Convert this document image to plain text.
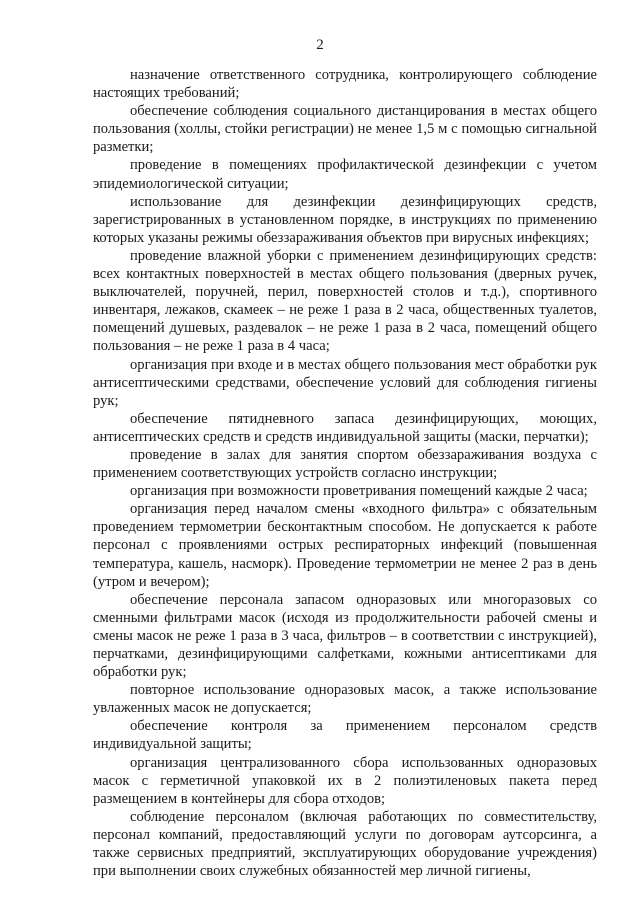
2

назначение ответственного сотрудника, контролирующего соблюдение настоящих требований;

обеспечение соблюдения социального дистанцирования в местах общего пользования (холлы, стойки регистрации) не менее 1,5 м с помощью сигнальной разметки;

проведение в помещениях профилактической дезинфекции с учетом эпидемиологической ситуации;

использование для дезинфекции дезинфицирующих средств, зарегистрированных в установленном порядке, в инструкциях по применению которых указаны режимы обеззараживания объектов при вирусных инфекциях;

проведение влажной уборки с применением дезинфицирующих средств: всех контактных поверхностей в местах общего пользования (дверных ручек, выключателей, поручней, перил, поверхностей столов и т.д.), спортивного инвентаря, лежаков, скамеек – не реже 1 раза в 2 часа, общественных туалетов, помещений душевых, раздевалок – не реже 1 раза в 2 часа, помещений общего пользования – не реже 1 раза в 4 часа;

организация при входе и в местах общего пользования мест обработки рук антисептическими средствами, обеспечение условий для соблюдения гигиены рук;

обеспечение пятидневного запаса дезинфицирующих, моющих, антисептических средств и средств индивидуальной защиты (маски, перчатки);

проведение в залах для занятия спортом обеззараживания воздуха с применением соответствующих устройств согласно инструкции;

организация при возможности проветривания помещений каждые 2 часа;

организация перед началом смены «входного фильтра» с обязательным проведением термометрии бесконтактным способом. Не допускается к работе персонал с проявлениями острых респираторных инфекций (повышенная температура, кашель, насморк). Проведение термометрии не менее 2 раз в день (утром и вечером);

обеспечение персонала запасом одноразовых или многоразовых со сменными фильтрами масок (исходя из продолжительности рабочей смены и смены масок не реже 1 раза в 3 часа, фильтров – в соответствии с инструкцией), перчатками, дезинфицирующими салфетками, кожными антисептиками для обработки рук;

повторное использование одноразовых масок, а также использование увлаженных масок не допускается;

обеспечение контроля за применением персоналом средств индивидуальной защиты;

организация централизованного сбора использованных одноразовых масок с герметичной упаковкой их в 2 полиэтиленовых пакета перед размещением в контейнеры для сбора отходов;

соблюдение персоналом (включая работающих по совместительству, персонал компаний, предоставляющий услуги по договорам аутсорсинга, а также сервисных предприятий, эксплуатирующих оборудование учреждения) при выполнении своих служебных обязанностей мер личной гигиены,
